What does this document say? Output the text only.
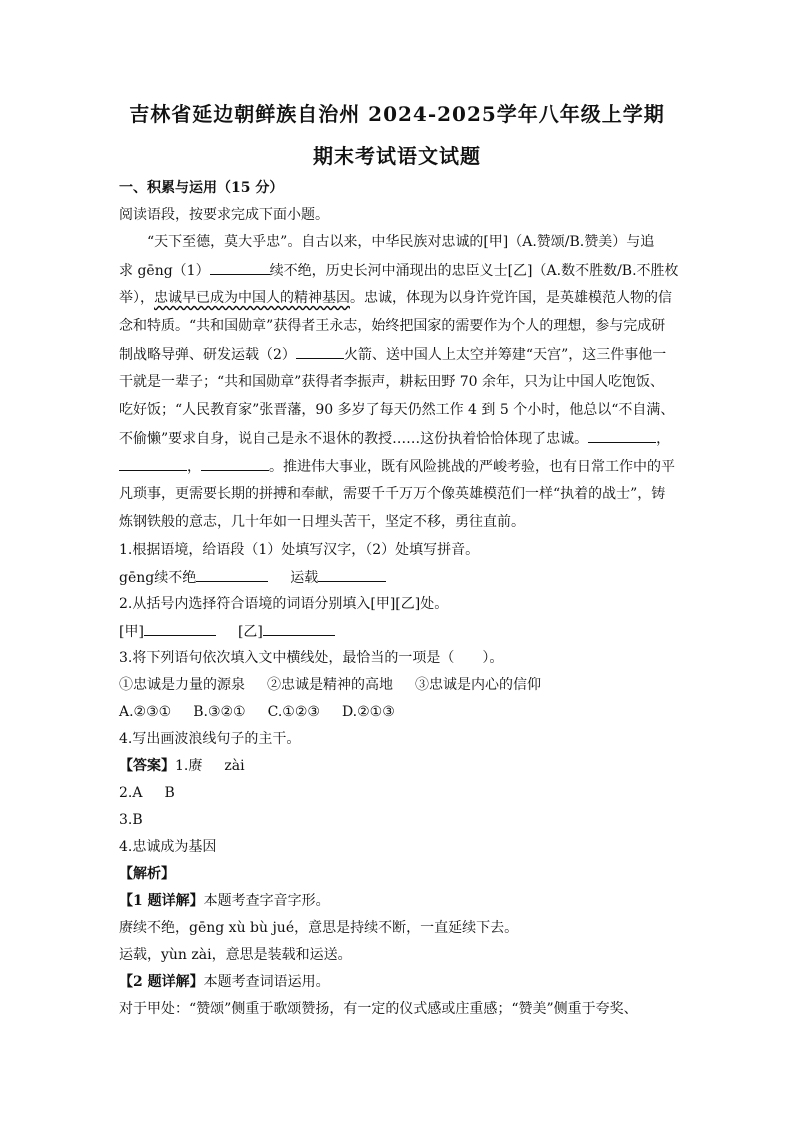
吉林省延边朝鲜族自治州 2024-2025学年八年级上学期
期末考试语文试题
一、积累与运用（15 分）
阅读语段，按要求完成下面小题。
“天下至德，莫大乎忠”。自古以来，中华民族对忠诚的[甲]（A.赞颂/B.赞美）与追
求 gēng（1）	续不绝，历史长河中涌现出的忠臣义士[乙]（A.数不胜数/B.不胜枚
举），忠诚早已成为中国人的精神基因。忠诚，体现为以身许党许国，是英雄模范人物的信
念和特质。“共和国勋章”获得者王永志，始终把国家的需要作为个人的理想，参与完成研
制战略导弹、研发运载（2）	火箭、送中国人上太空并筹建“天宫”，这三件事他一
干就是一辈子；“共和国勋章”获得者李振声，耕耘田野 70 余年，只为让中国人吃饱饭、
吃好饭；“人民教育家”张晋藩，90 多岁了每天仍然工作 4 到 5 个小时，他总以“不自满、
不偷懒”要求自身，说自己是永不退休的教授……这份执着恰恰体现了忠诚。	，
，	。推进伟大事业，既有风险挑战的严峻考验，也有日常工作中的平
凡琐事，更需要长期的拼搏和奉献，需要千千万万个像英雄模范们一样“执着的战士”，铸
炼钢铁般的意志，几十年如一日埋头苦干，坚定不移，勇往直前。
1.根据语境，给语段（1）处填写汉字，（2）处填写拼音。
gēng续不绝	运载
2.从括号内选择符合语境的词语分别填入[甲][乙]处。
[甲]	[乙]
3.将下列语句依次填入文中横线处，最恰当的一项是（　　）。
①忠诚是力量的源泉 ②忠诚是精神的高地 ③忠诚是内心的信仰
A.②③① B.③②① C.①②③ D.②①③
4.写出画波浪线句子的主干。
【答案】1.赓 zài
2.A B
3.B
4.忠诚成为基因
【解析】
【1 题详解】本题考查字音字形。
赓续不绝，gēng xù bù jué，意思是持续不断，一直延续下去。
运载，yùn zài，意思是装载和运送。
【2 题详解】本题考查词语运用。
对于甲处：“赞颂”侧重于歌颂赞扬，有一定的仪式感或庄重感；“赞美”侧重于夸奖、
